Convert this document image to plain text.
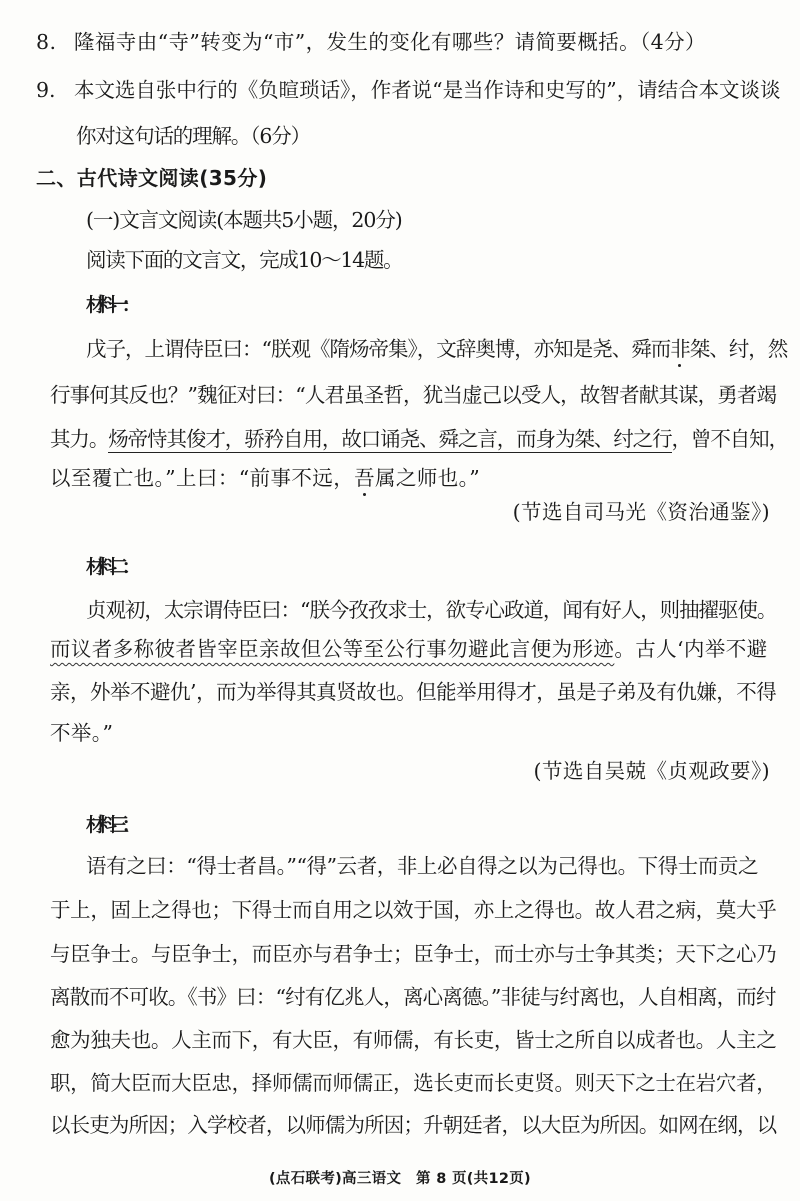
8. 隆福寺由“寺”转变为“市”，发生的变化有哪些？请简要概括。（4分）
9. 本文选自张中行的《负暄琐话》，作者说“是当作诗和史写的”，请结合本文谈谈
你对这句话的理解。（6分）
二、古代诗文阅读(35分)
(一)文言文阅读(本题共5小题，20分)
阅读下面的文言文，完成10～14题。
材料一：
戊子，上谓侍臣曰：“朕观《隋炀帝集》，文辞奥博，亦知是尧、舜而非桀、纣，然
行事何其反也？”魏征对曰：“人君虽圣哲，犹当虚己以受人，故智者献其谋，勇者竭
其力。炀帝恃其俊才，骄矜自用，故口诵尧、舜之言，而身为桀、纣之行，曾不自知，
以至覆亡也。”上曰：“前事不远，吾属之师也。”
(节选自司马光《资治通鉴》)
材料二：
贞观初，太宗谓侍臣曰：“朕今孜孜求士，欲专心政道，闻有好人，则抽擢驱使。
而议者多称彼者皆宰臣亲故但公等至公行事勿避此言便为形迹。古人‘内举不避
亲，外举不避仇’，而为举得其真贤故也。但能举用得才，虽是子弟及有仇嫌，不得
不举。”
(节选自吴兢《贞观政要》)
材料三：
语有之曰：“得士者昌。”“得”云者，非上必自得之以为己得也。下得士而贡之
于上，固上之得也；下得士而自用之以效于国，亦上之得也。故人君之病，莫大乎
与臣争士。与臣争士，而臣亦与君争士；臣争士，而士亦与士争其类；天下之心乃
离散而不可收。《书》曰：“纣有亿兆人，离心离德。”非徒与纣离也，人自相离，而纣
愈为独夫也。人主而下，有大臣，有师儒，有长吏，皆士之所自以成者也。人主之
职，简大臣而大臣忠，择师儒而师儒正，选长吏而长吏贤。则天下之士在岩穴者，
以长吏为所因；入学校者，以师儒为所因；升朝廷者，以大臣为所因。如网在纲，以
(点石联考)高三语文　第 8 页(共12页)
